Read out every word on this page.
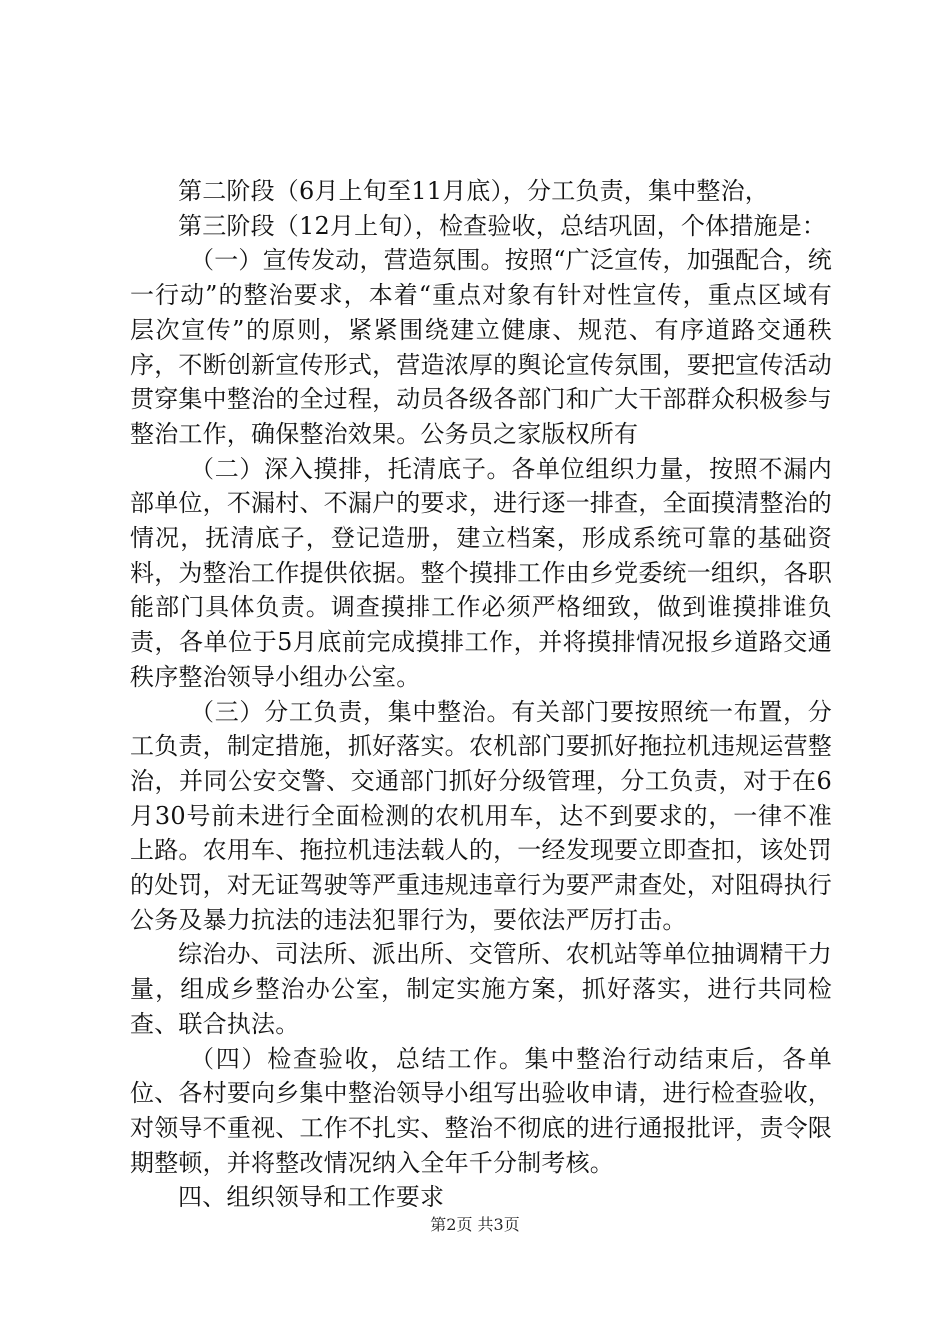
第二阶段（6月上旬至11月底），分工负责，集中整治，

第三阶段（12月上旬），检查验收，总结巩固，个体措施是：

（一）宣传发动，营造氛围。按照“广泛宣传，加强配合，统一行动”的整治要求，本着“重点对象有针对性宣传，重点区域有层次宣传”的原则，紧紧围绕建立健康、规范、有序道路交通秩序，不断创新宣传形式，营造浓厚的舆论宣传氛围，要把宣传活动贯穿集中整治的全过程，动员各级各部门和广大干部群众积极参与整治工作，确保整治效果。公务员之家版权所有

（二）深入摸排，托清底子。各单位组织力量，按照不漏内部单位，不漏村、不漏户的要求，进行逐一排查，全面摸清整治的情况，抚清底子，登记造册，建立档案，形成系统可靠的基础资料，为整治工作提供依据。整个摸排工作由乡党委统一组织，各职能部门具体负责。调查摸排工作必须严格细致，做到谁摸排谁负责，各单位于5月底前完成摸排工作，并将摸排情况报乡道路交通秩序整治领导小组办公室。

（三）分工负责，集中整治。有关部门要按照统一布置，分工负责，制定措施，抓好落实。农机部门要抓好拖拉机违规运营整治，并同公安交警、交通部门抓好分级管理，分工负责，对于在6月30号前未进行全面检测的农机用车，达不到要求的，一律不准上路。农用车、拖拉机违法载人的，一经发现要立即查扣，该处罚的处罚，对无证驾驶等严重违规违章行为要严肃查处，对阻碍执行公务及暴力抗法的违法犯罪行为，要依法严厉打击。

综治办、司法所、派出所、交管所、农机站等单位抽调精干力量，组成乡整治办公室，制定实施方案，抓好落实，进行共同检查、联合执法。

（四）检查验收，总结工作。集中整治行动结束后，各单位、各村要向乡集中整治领导小组写出验收申请，进行检查验收，对领导不重视、工作不扎实、整治不彻底的进行通报批评，责令限期整顿，并将整改情况纳入全年千分制考核。

四、组织领导和工作要求

第2页 共3页
